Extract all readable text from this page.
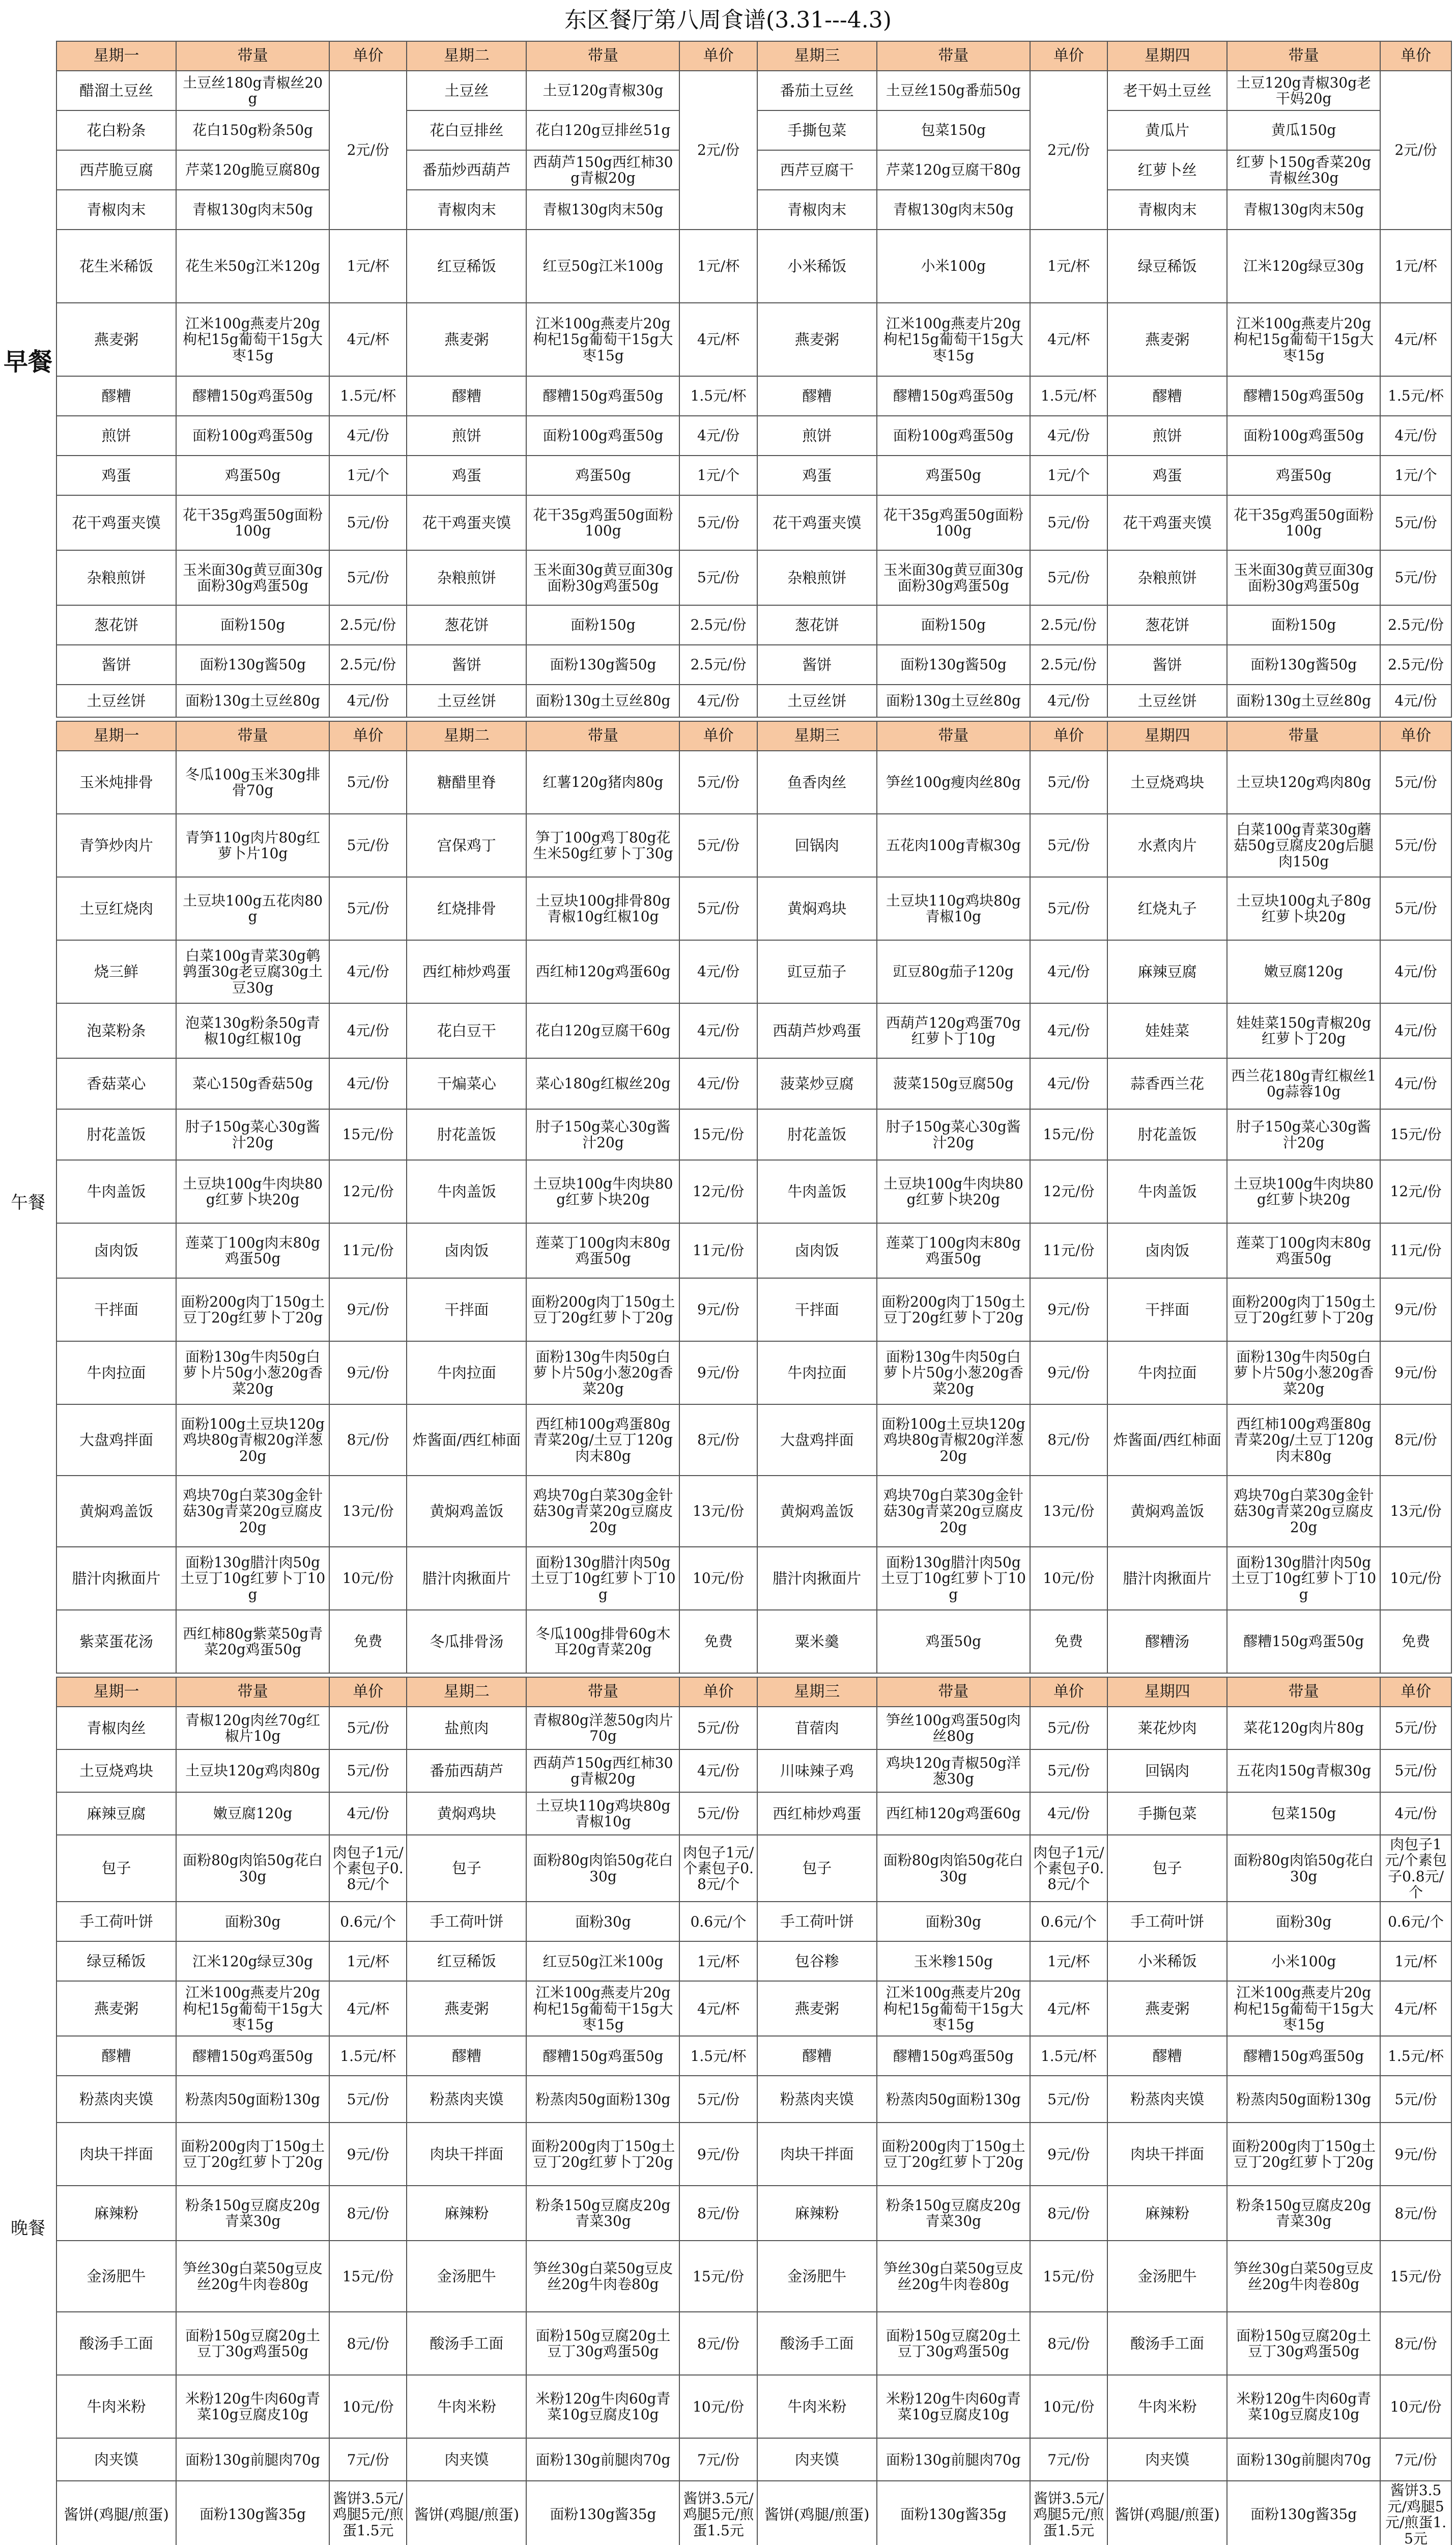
东区餐厅第八周食谱(3.31---4.3)
早餐
午餐
晚餐
星期一	带量	单价	星期二	带量	单价	星期三	带量	单价	星期四	带量	单价
醋溜土豆丝	土豆丝180g青椒丝20g	2元/份	土豆丝	土豆120g青椒30g	2元/份	番茄土豆丝	土豆丝150g番茄50g	2元/份	老干妈土豆丝	土豆120g青椒30g老干妈20g	2元/份
花白粉条	花白150g粉条50g		花白豆排丝	花白120g豆排丝51g		手撕包菜	包菜150g		黄瓜片	黄瓜150g	
西芹脆豆腐	芹菜120g脆豆腐80g		番茄炒西葫芦	西葫芦150g西红柿30g青椒20g		西芹豆腐干	芹菜120g豆腐干80g		红萝卜丝	红萝卜150g香菜20g青椒丝30g	
青椒肉末	青椒130g肉末50g		青椒肉末	青椒130g肉末50g		青椒肉末	青椒130g肉末50g		青椒肉末	青椒130g肉末50g	
花生米稀饭	花生米50g江米120g	1元/杯	红豆稀饭	红豆50g江米100g	1元/杯	小米稀饭	小米100g	1元/杯	绿豆稀饭	江米120g绿豆30g	1元/杯
燕麦粥	江米100g燕麦片20g枸杞15g葡萄干15g大枣15g	4元/杯	燕麦粥	江米100g燕麦片20g枸杞15g葡萄干15g大枣15g	4元/杯	燕麦粥	江米100g燕麦片20g枸杞15g葡萄干15g大枣15g	4元/杯	燕麦粥	江米100g燕麦片20g枸杞15g葡萄干15g大枣15g	4元/杯
醪糟	醪糟150g鸡蛋50g	1.5元/杯	醪糟	醪糟150g鸡蛋50g	1.5元/杯	醪糟	醪糟150g鸡蛋50g	1.5元/杯	醪糟	醪糟150g鸡蛋50g	1.5元/杯
煎饼	面粉100g鸡蛋50g	4元/份	煎饼	面粉100g鸡蛋50g	4元/份	煎饼	面粉100g鸡蛋50g	4元/份	煎饼	面粉100g鸡蛋50g	4元/份
鸡蛋	鸡蛋50g	1元/个	鸡蛋	鸡蛋50g	1元/个	鸡蛋	鸡蛋50g	1元/个	鸡蛋	鸡蛋50g	1元/个
花干鸡蛋夹馍	花干35g鸡蛋50g面粉100g	5元/份	花干鸡蛋夹馍	花干35g鸡蛋50g面粉100g	5元/份	花干鸡蛋夹馍	花干35g鸡蛋50g面粉100g	5元/份	花干鸡蛋夹馍	花干35g鸡蛋50g面粉100g	5元/份
杂粮煎饼	玉米面30g黄豆面30g面粉30g鸡蛋50g	5元/份	杂粮煎饼	玉米面30g黄豆面30g面粉30g鸡蛋50g	5元/份	杂粮煎饼	玉米面30g黄豆面30g面粉30g鸡蛋50g	5元/份	杂粮煎饼	玉米面30g黄豆面30g面粉30g鸡蛋50g	5元/份
葱花饼	面粉150g	2.5元/份	葱花饼	面粉150g	2.5元/份	葱花饼	面粉150g	2.5元/份	葱花饼	面粉150g	2.5元/份
酱饼	面粉130g酱50g	2.5元/份	酱饼	面粉130g酱50g	2.5元/份	酱饼	面粉130g酱50g	2.5元/份	酱饼	面粉130g酱50g	2.5元/份
土豆丝饼	面粉130g土豆丝80g	4元/份	土豆丝饼	面粉130g土豆丝80g	4元/份	土豆丝饼	面粉130g土豆丝80g	4元/份	土豆丝饼	面粉130g土豆丝80g	4元/份
星期一	带量	单价	星期二	带量	单价	星期三	带量	单价	星期四	带量	单价
玉米炖排骨	冬瓜100g玉米30g排骨70g	5元/份	糖醋里脊	红薯120g猪肉80g	5元/份	鱼香肉丝	笋丝100g瘦肉丝80g	5元/份	土豆烧鸡块	土豆块120g鸡肉80g	5元/份
青笋炒肉片	青笋110g肉片80g红萝卜片10g	5元/份	宫保鸡丁	笋丁100g鸡丁80g花生米50g红萝卜丁30g	5元/份	回锅肉	五花肉100g青椒30g	5元/份	水煮肉片	白菜100g青菜30g蘑菇50g豆腐皮20g后腿肉150g	5元/份
土豆红烧肉	土豆块100g五花肉80g	5元/份	红烧排骨	土豆块100g排骨80g青椒10g红椒10g	5元/份	黄焖鸡块	土豆块110g鸡块80g青椒10g	5元/份	红烧丸子	土豆块100g丸子80g红萝卜块20g	5元/份
烧三鲜	白菜100g青菜30g鹌鹑蛋30g老豆腐30g土豆30g	4元/份	西红柿炒鸡蛋	西红柿120g鸡蛋60g	4元/份	豇豆茄子	豇豆80g茄子120g	4元/份	麻辣豆腐	嫩豆腐120g	4元/份
泡菜粉条	泡菜130g粉条50g青椒10g红椒10g	4元/份	花白豆干	花白120g豆腐干60g	4元/份	西葫芦炒鸡蛋	西葫芦120g鸡蛋70g红萝卜丁10g	4元/份	娃娃菜	娃娃菜150g青椒20g红萝卜丁20g	4元/份
香菇菜心	菜心150g香菇50g	4元/份	干煸菜心	菜心180g红椒丝20g	4元/份	菠菜炒豆腐	菠菜150g豆腐50g	4元/份	蒜香西兰花	西兰花180g青红椒丝10g蒜蓉10g	4元/份
肘花盖饭	肘子150g菜心30g酱汁20g	15元/份	肘花盖饭	肘子150g菜心30g酱汁20g	15元/份	肘花盖饭	肘子150g菜心30g酱汁20g	15元/份	肘花盖饭	肘子150g菜心30g酱汁20g	15元/份
牛肉盖饭	土豆块100g牛肉块80g红萝卜块20g	12元/份	牛肉盖饭	土豆块100g牛肉块80g红萝卜块20g	12元/份	牛肉盖饭	土豆块100g牛肉块80g红萝卜块20g	12元/份	牛肉盖饭	土豆块100g牛肉块80g红萝卜块20g	12元/份
卤肉饭	莲菜丁100g肉末80g鸡蛋50g	11元/份	卤肉饭	莲菜丁100g肉末80g鸡蛋50g	11元/份	卤肉饭	莲菜丁100g肉末80g鸡蛋50g	11元/份	卤肉饭	莲菜丁100g肉末80g鸡蛋50g	11元/份
干拌面	面粉200g肉丁150g土豆丁20g红萝卜丁20g	9元/份	干拌面	面粉200g肉丁150g土豆丁20g红萝卜丁20g	9元/份	干拌面	面粉200g肉丁150g土豆丁20g红萝卜丁20g	9元/份	干拌面	面粉200g肉丁150g土豆丁20g红萝卜丁20g	9元/份
牛肉拉面	面粉130g牛肉50g白萝卜片50g小葱20g香菜20g	9元/份	牛肉拉面	面粉130g牛肉50g白萝卜片50g小葱20g香菜20g	9元/份	牛肉拉面	面粉130g牛肉50g白萝卜片50g小葱20g香菜20g	9元/份	牛肉拉面	面粉130g牛肉50g白萝卜片50g小葱20g香菜20g	9元/份
大盘鸡拌面	面粉100g土豆块120g鸡块80g青椒20g洋葱20g	8元/份	炸酱面/西红柿面	西红柿100g鸡蛋80g青菜20g/土豆丁120g肉末80g	8元/份	大盘鸡拌面	面粉100g土豆块120g鸡块80g青椒20g洋葱20g	8元/份	炸酱面/西红柿面	西红柿100g鸡蛋80g青菜20g/土豆丁120g肉末80g	8元/份
黄焖鸡盖饭	鸡块70g白菜30g金针菇30g青菜20g豆腐皮20g	13元/份	黄焖鸡盖饭	鸡块70g白菜30g金针菇30g青菜20g豆腐皮20g	13元/份	黄焖鸡盖饭	鸡块70g白菜30g金针菇30g青菜20g豆腐皮20g	13元/份	黄焖鸡盖饭	鸡块70g白菜30g金针菇30g青菜20g豆腐皮20g	13元/份
腊汁肉揪面片	面粉130g腊汁肉50g土豆丁10g红萝卜丁10g	10元/份	腊汁肉揪面片	面粉130g腊汁肉50g土豆丁10g红萝卜丁10g	10元/份	腊汁肉揪面片	面粉130g腊汁肉50g土豆丁10g红萝卜丁10g	10元/份	腊汁肉揪面片	面粉130g腊汁肉50g土豆丁10g红萝卜丁10g	10元/份
紫菜蛋花汤	西红柿80g紫菜50g青菜20g鸡蛋50g	免费	冬瓜排骨汤	冬瓜100g排骨60g木耳20g青菜20g	免费	粟米羹	鸡蛋50g	免费	醪糟汤	醪糟150g鸡蛋50g	免费
星期一	带量	单价	星期二	带量	单价	星期三	带量	单价	星期四	带量	单价
青椒肉丝	青椒120g肉丝70g红椒片10g	5元/份	盐煎肉	青椒80g洋葱50g肉片70g	5元/份	苜蓿肉	笋丝100g鸡蛋50g肉丝80g	5元/份	莱花炒肉	菜花120g肉片80g	5元/份
土豆烧鸡块	土豆块120g鸡肉80g	5元/份	番茄西葫芦	西葫芦150g西红柿30g青椒20g	4元/份	川味辣子鸡	鸡块120g青椒50g洋葱30g	5元/份	回锅肉	五花肉150g青椒30g	5元/份
麻辣豆腐	嫩豆腐120g	4元/份	黄焖鸡块	土豆块110g鸡块80g青椒10g	5元/份	西红柿炒鸡蛋	西红柿120g鸡蛋60g	4元/份	手撕包菜	包菜150g	4元/份
包子	面粉80g肉馅50g花白30g	肉包子1元/个素包子0.8元/个	包子	面粉80g肉馅50g花白30g	肉包子1元/个素包子0.8元/个	包子	面粉80g肉馅50g花白30g	肉包子1元/个素包子0.8元/个	包子	面粉80g肉馅50g花白30g	肉包子1元/个素包子0.8元/个
手工荷叶饼	面粉30g	0.6元/个	手工荷叶饼	面粉30g	0.6元/个	手工荷叶饼	面粉30g	0.6元/个	手工荷叶饼	面粉30g	0.6元/个
绿豆稀饭	江米120g绿豆30g	1元/杯	红豆稀饭	红豆50g江米100g	1元/杯	包谷糁	玉米糁150g	1元/杯	小米稀饭	小米100g	1元/杯
燕麦粥	江米100g燕麦片20g枸杞15g葡萄干15g大枣15g	4元/杯	燕麦粥	江米100g燕麦片20g枸杞15g葡萄干15g大枣15g	4元/杯	燕麦粥	江米100g燕麦片20g枸杞15g葡萄干15g大枣15g	4元/杯	燕麦粥	江米100g燕麦片20g枸杞15g葡萄干15g大枣15g	4元/杯
醪糟	醪糟150g鸡蛋50g	1.5元/杯	醪糟	醪糟150g鸡蛋50g	1.5元/杯	醪糟	醪糟150g鸡蛋50g	1.5元/杯	醪糟	醪糟150g鸡蛋50g	1.5元/杯
粉蒸肉夹馍	粉蒸肉50g面粉130g	5元/份	粉蒸肉夹馍	粉蒸肉50g面粉130g	5元/份	粉蒸肉夹馍	粉蒸肉50g面粉130g	5元/份	粉蒸肉夹馍	粉蒸肉50g面粉130g	5元/份
肉块干拌面	面粉200g肉丁150g土豆丁20g红萝卜丁20g	9元/份	肉块干拌面	面粉200g肉丁150g土豆丁20g红萝卜丁20g	9元/份	肉块干拌面	面粉200g肉丁150g土豆丁20g红萝卜丁20g	9元/份	肉块干拌面	面粉200g肉丁150g土豆丁20g红萝卜丁20g	9元/份
麻辣粉	粉条150g豆腐皮20g青菜30g	8元/份	麻辣粉	粉条150g豆腐皮20g青菜30g	8元/份	麻辣粉	粉条150g豆腐皮20g青菜30g	8元/份	麻辣粉	粉条150g豆腐皮20g青菜30g	8元/份
金汤肥牛	笋丝30g白菜50g豆皮丝20g牛肉卷80g	15元/份	金汤肥牛	笋丝30g白菜50g豆皮丝20g牛肉卷80g	15元/份	金汤肥牛	笋丝30g白菜50g豆皮丝20g牛肉卷80g	15元/份	金汤肥牛	笋丝30g白菜50g豆皮丝20g牛肉卷80g	15元/份
酸汤手工面	面粉150g豆腐20g土豆丁30g鸡蛋50g	8元/份	酸汤手工面	面粉150g豆腐20g土豆丁30g鸡蛋50g	8元/份	酸汤手工面	面粉150g豆腐20g土豆丁30g鸡蛋50g	8元/份	酸汤手工面	面粉150g豆腐20g土豆丁30g鸡蛋50g	8元/份
牛肉米粉	米粉120g牛肉60g青菜10g豆腐皮10g	10元/份	牛肉米粉	米粉120g牛肉60g青菜10g豆腐皮10g	10元/份	牛肉米粉	米粉120g牛肉60g青菜10g豆腐皮10g	10元/份	牛肉米粉	米粉120g牛肉60g青菜10g豆腐皮10g	10元/份
肉夹馍	面粉130g前腿肉70g	7元/份	肉夹馍	面粉130g前腿肉70g	7元/份	肉夹馍	面粉130g前腿肉70g	7元/份	肉夹馍	面粉130g前腿肉70g	7元/份
酱饼(鸡腿/煎蛋)	面粉130g酱35g	酱饼3.5元/鸡腿5元/煎蛋1.5元	酱饼(鸡腿/煎蛋)	面粉130g酱35g	酱饼3.5元/鸡腿5元/煎蛋1.5元	酱饼(鸡腿/煎蛋)	面粉130g酱35g	酱饼3.5元/鸡腿5元/煎蛋1.5元	酱饼(鸡腿/煎蛋)	面粉130g酱35g	酱饼3.5元/鸡腿5元/煎蛋1.5元
